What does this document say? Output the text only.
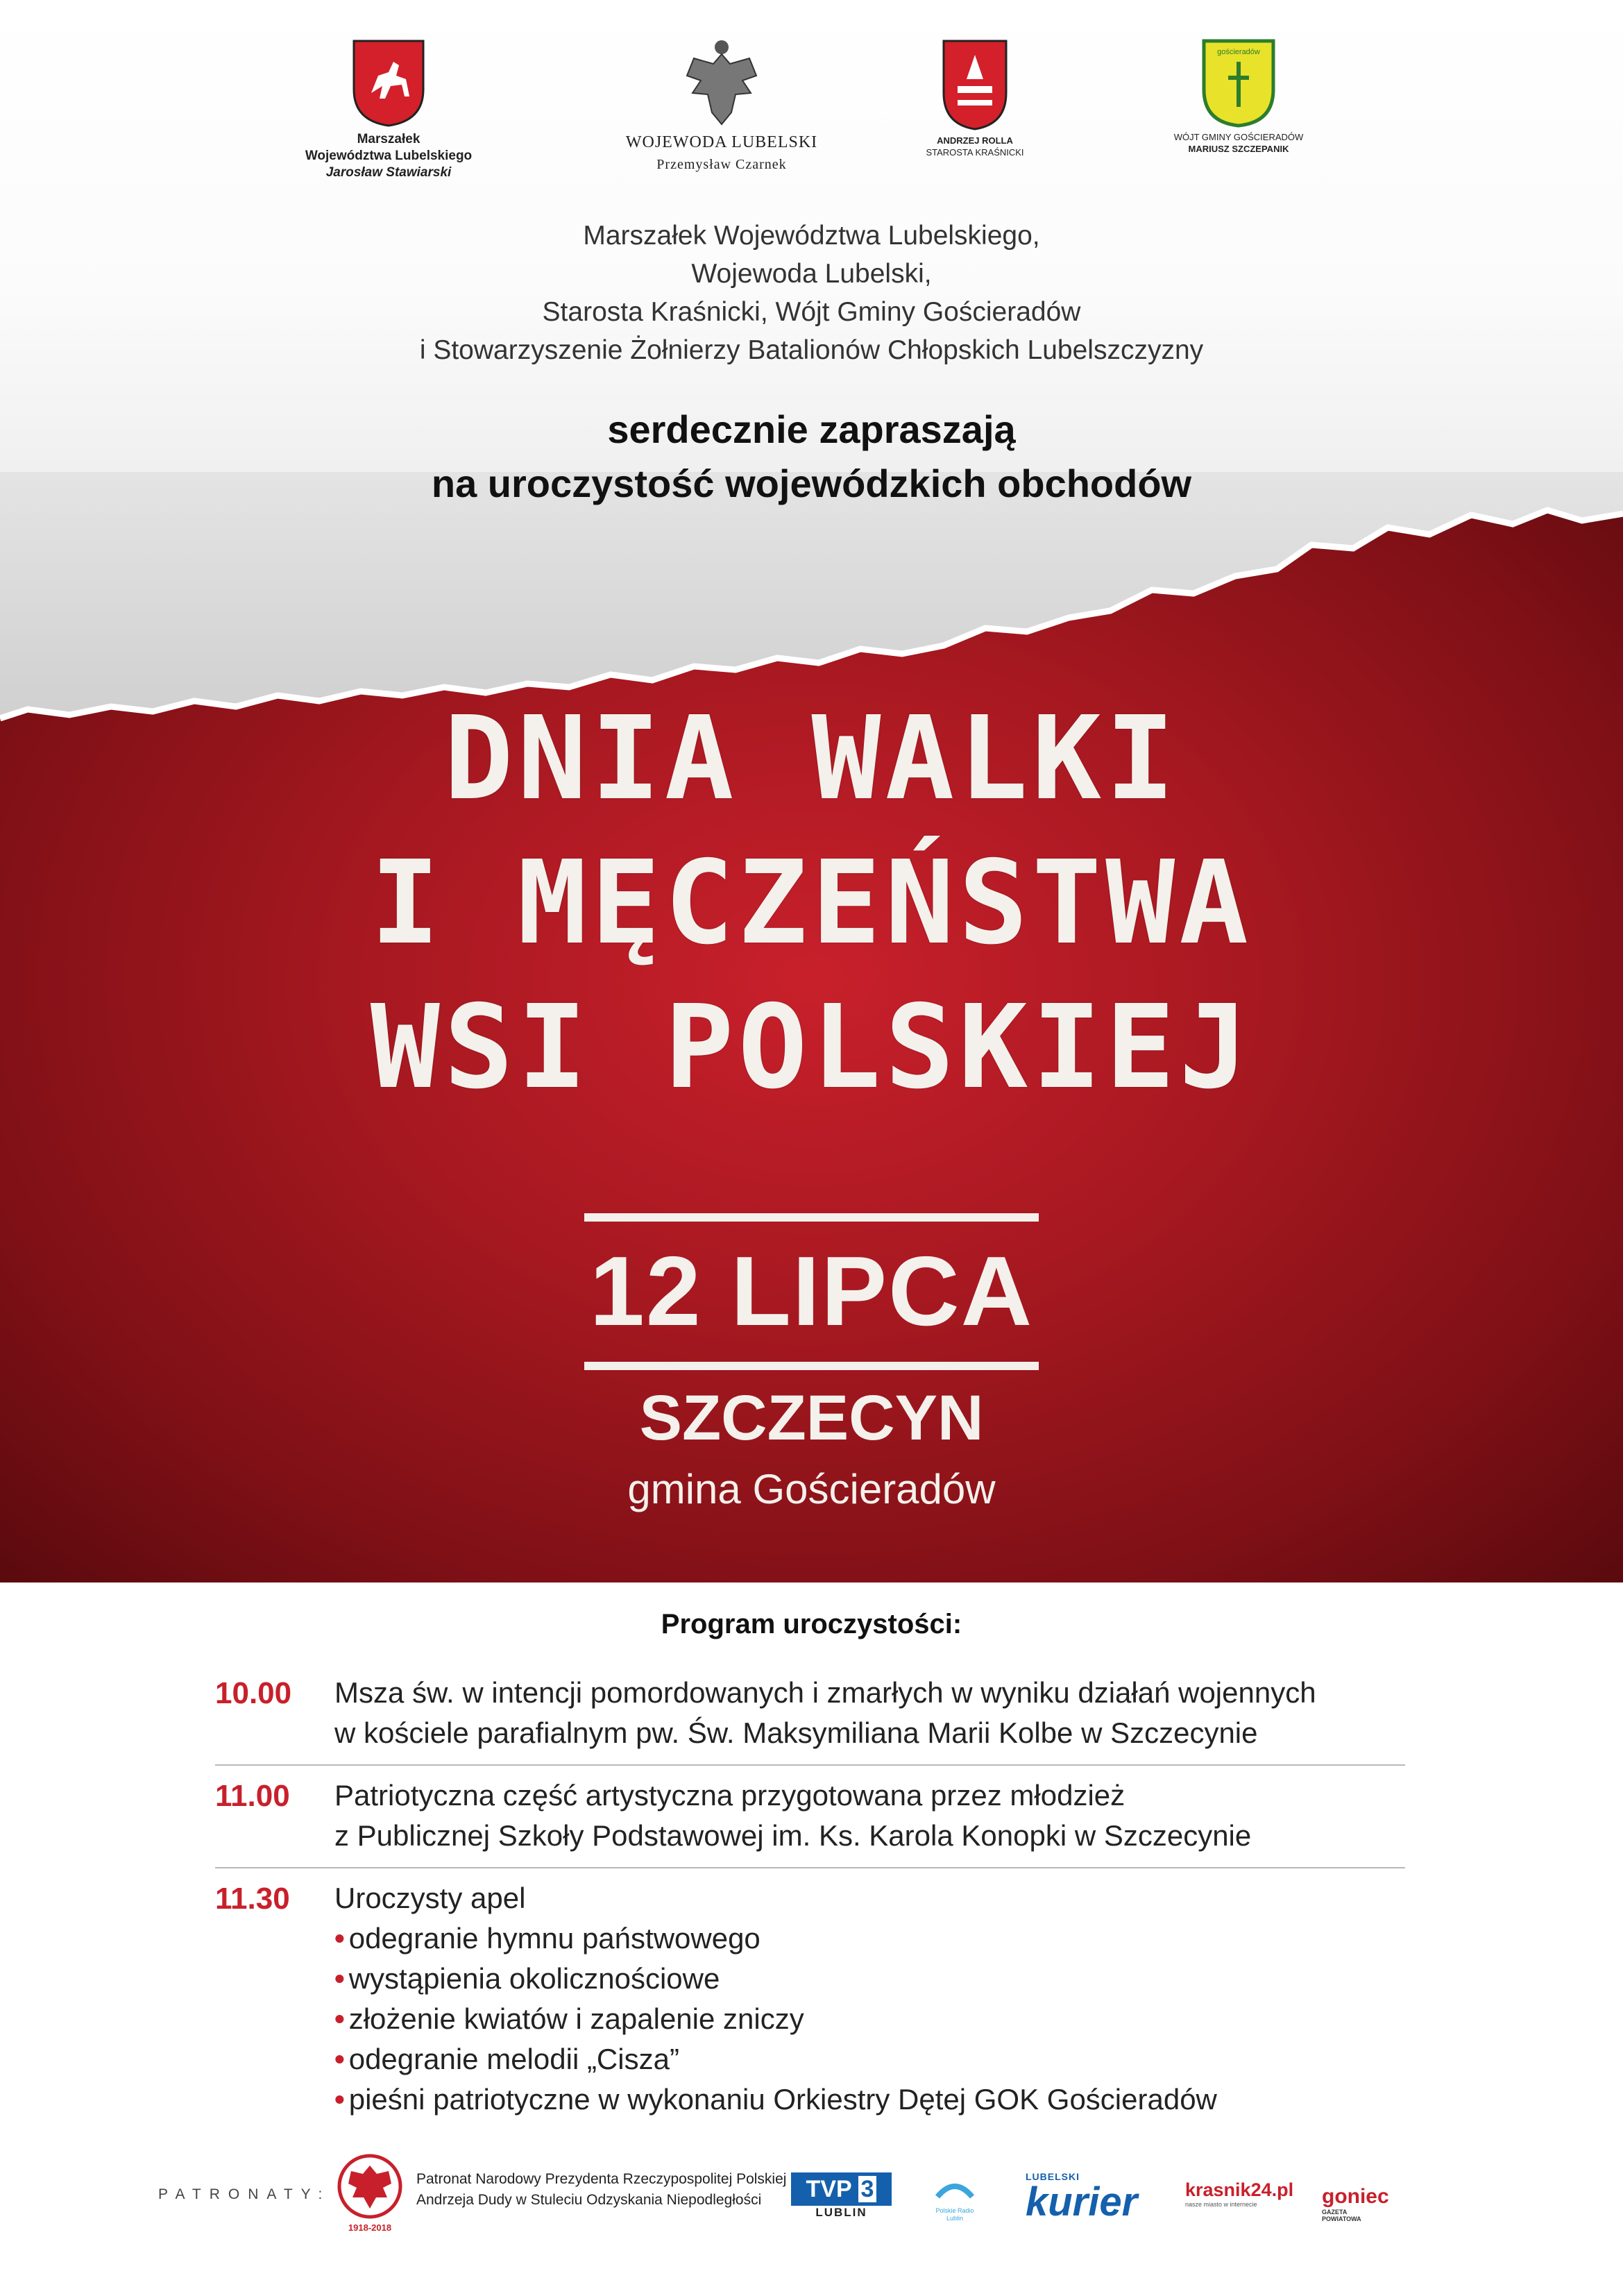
Marszałek
Województwa Lubelskiego
Jarosław Stawiarski
WOJEWODA LUBELSKI
Przemysław Czarnek
ANDRZEJ ROLLA
STAROSTA KRAŚNICKI
gościeradów
WÓJT GMINY GOŚCIERADÓW
MARIUSZ SZCZEPANIK
Marszałek Województwa Lubelskiego,
Wojewoda Lubelski,
Starosta Kraśnicki, Wójt Gminy Gościeradów
i Stowarzyszenie Żołnierzy Batalionów Chłopskich Lubelszczyzny
serdecznie zapraszają
na uroczystość wojewódzkich obchodów
DNIA WALKI
I MĘCZEŃSTWA
WSI POLSKIEJ
12 LIPCA
SZCZECYN
gmina Gościeradów
Program uroczystości:
10.00	Msza św. w intencji pomordowanych i zmarłych w wyniku działań wojennych
w kościele parafialnym pw. Św. Maksymiliana Marii Kolbe w Szczecynie
11.00	Patriotyczna część artystyczna przygotowana przez młodzież
z Publicznej Szkoły Podstawowej im. Ks. Karola Konopki w Szczecynie
11.30	Uroczysty apel
• odegranie hymnu państwowego
• wystąpienia okolicznościowe
• złożenie kwiatów i zapalenie zniczy
• odegranie melodii „Cisza”
• pieśni patriotyczne w wykonaniu Orkiestry Dętej GOK Gościeradów
PATRONATY:
1918-2018
Patronat Narodowy Prezydenta Rzeczypospolitej Polskiej
Andrzeja Dudy w Stuleciu Odzyskania Niepodległości	TVP 3
LUBLIN	Polskie Radio Lublin
LUBELSKI
kurier	krasnik24.pl
nasze miasto w internecie	goniec GAZETA POWIATOWA
